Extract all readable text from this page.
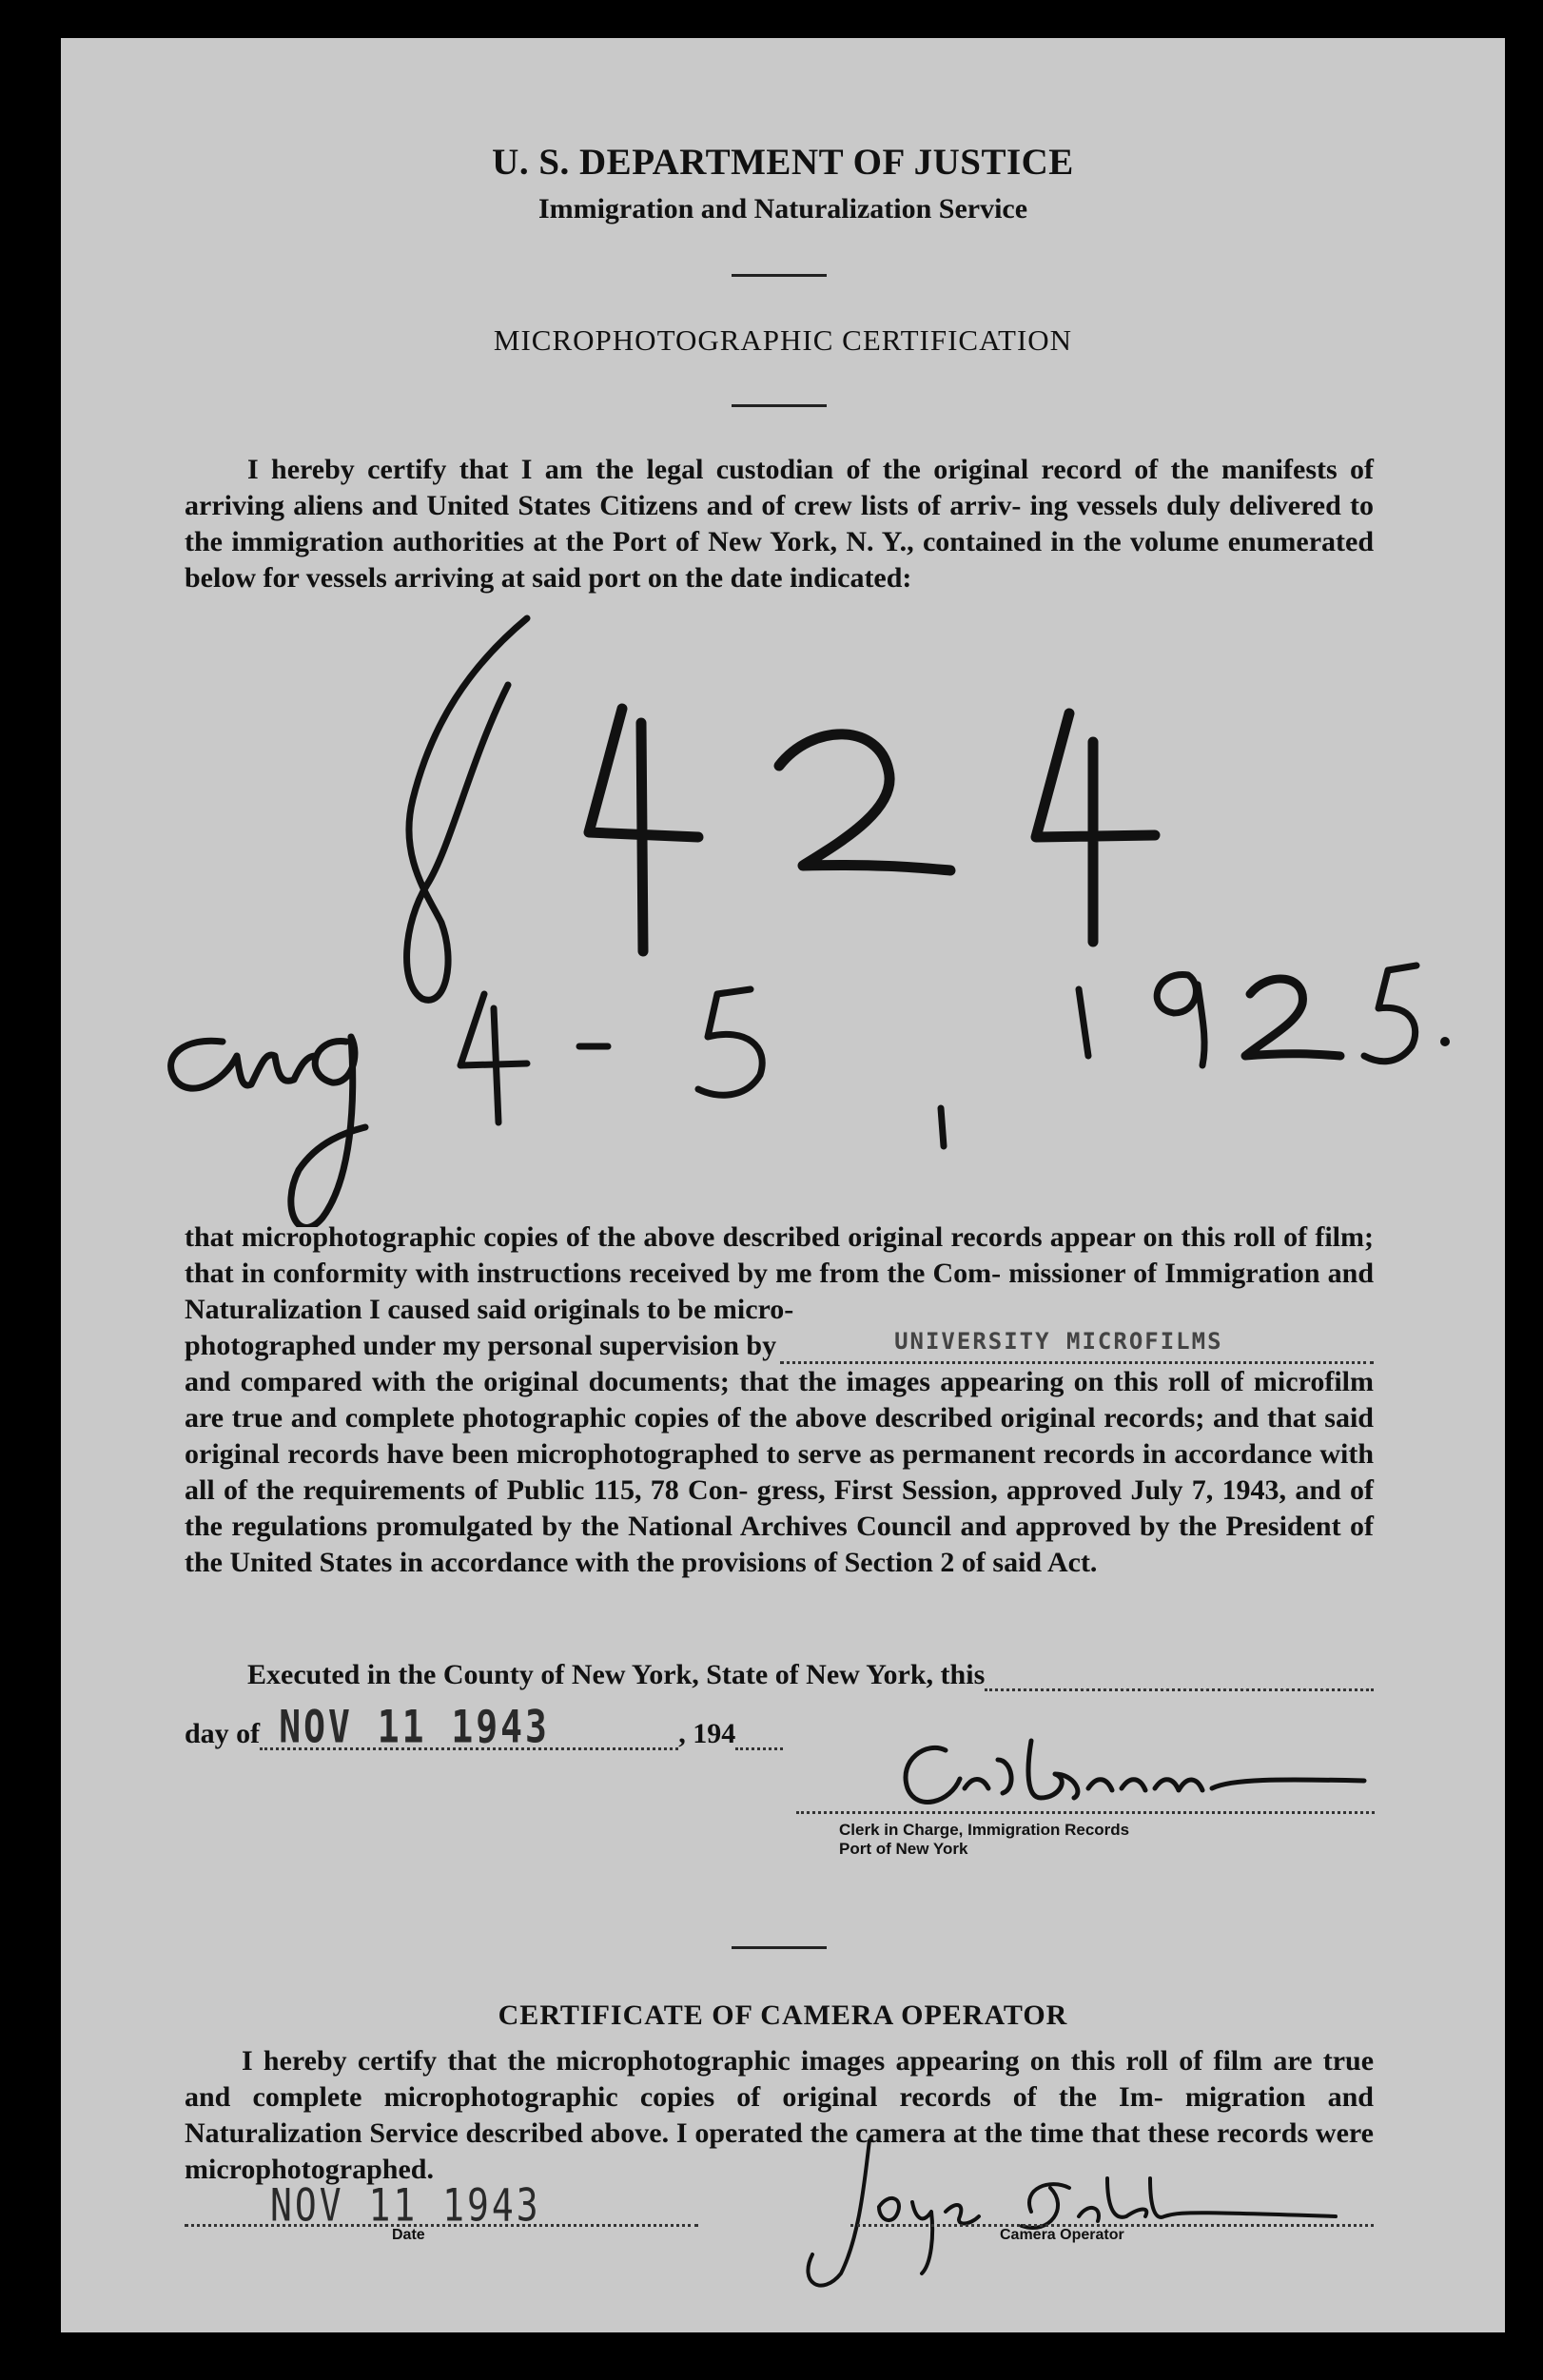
U. S. DEPARTMENT OF JUSTICE
Immigration and Naturalization Service
MICROPHOTOGRAPHIC CERTIFICATION
I hereby certify that I am the legal custodian of the original record of the manifests of arriving aliens and United States Citizens and of crew lists of arriv- ing vessels duly delivered to the immigration authorities at the Port of New York, N. Y., contained in the volume enumerated below for vessels arriving at said port on the date indicated:
that microphotographic copies of the above described original records appear on this roll of film; that in conformity with instructions received by me from the Com- missioner of Immigration and Naturalization I caused said originals to be micro-
photographed under my personal supervision by	UNIVERSITY MICROFILMS
and compared with the original documents; that the images appearing on this roll of microfilm are true and complete photographic copies of the above described original records; and that said original records have been microphotographed to serve as permanent records in accordance with all of the requirements of Public 115, 78 Con- gress, First Session, approved July 7, 1943, and of the regulations promulgated by the National Archives Council and approved by the President of the United States in accordance with the provisions of Section 2 of said Act.
Executed in the County of New York, State of New York, this
day of NOV 11 1943	, 194
Clerk in Charge, Immigration Records
Port of New York
CERTIFICATE OF CAMERA OPERATOR
I hereby certify that the microphotographic images appearing on this roll of film are true and complete microphotographic copies of original records of the Im- migration and Naturalization Service described above. I operated the camera at the time that these records were microphotographed.
NOV 11 1943
Date	Camera Operator
